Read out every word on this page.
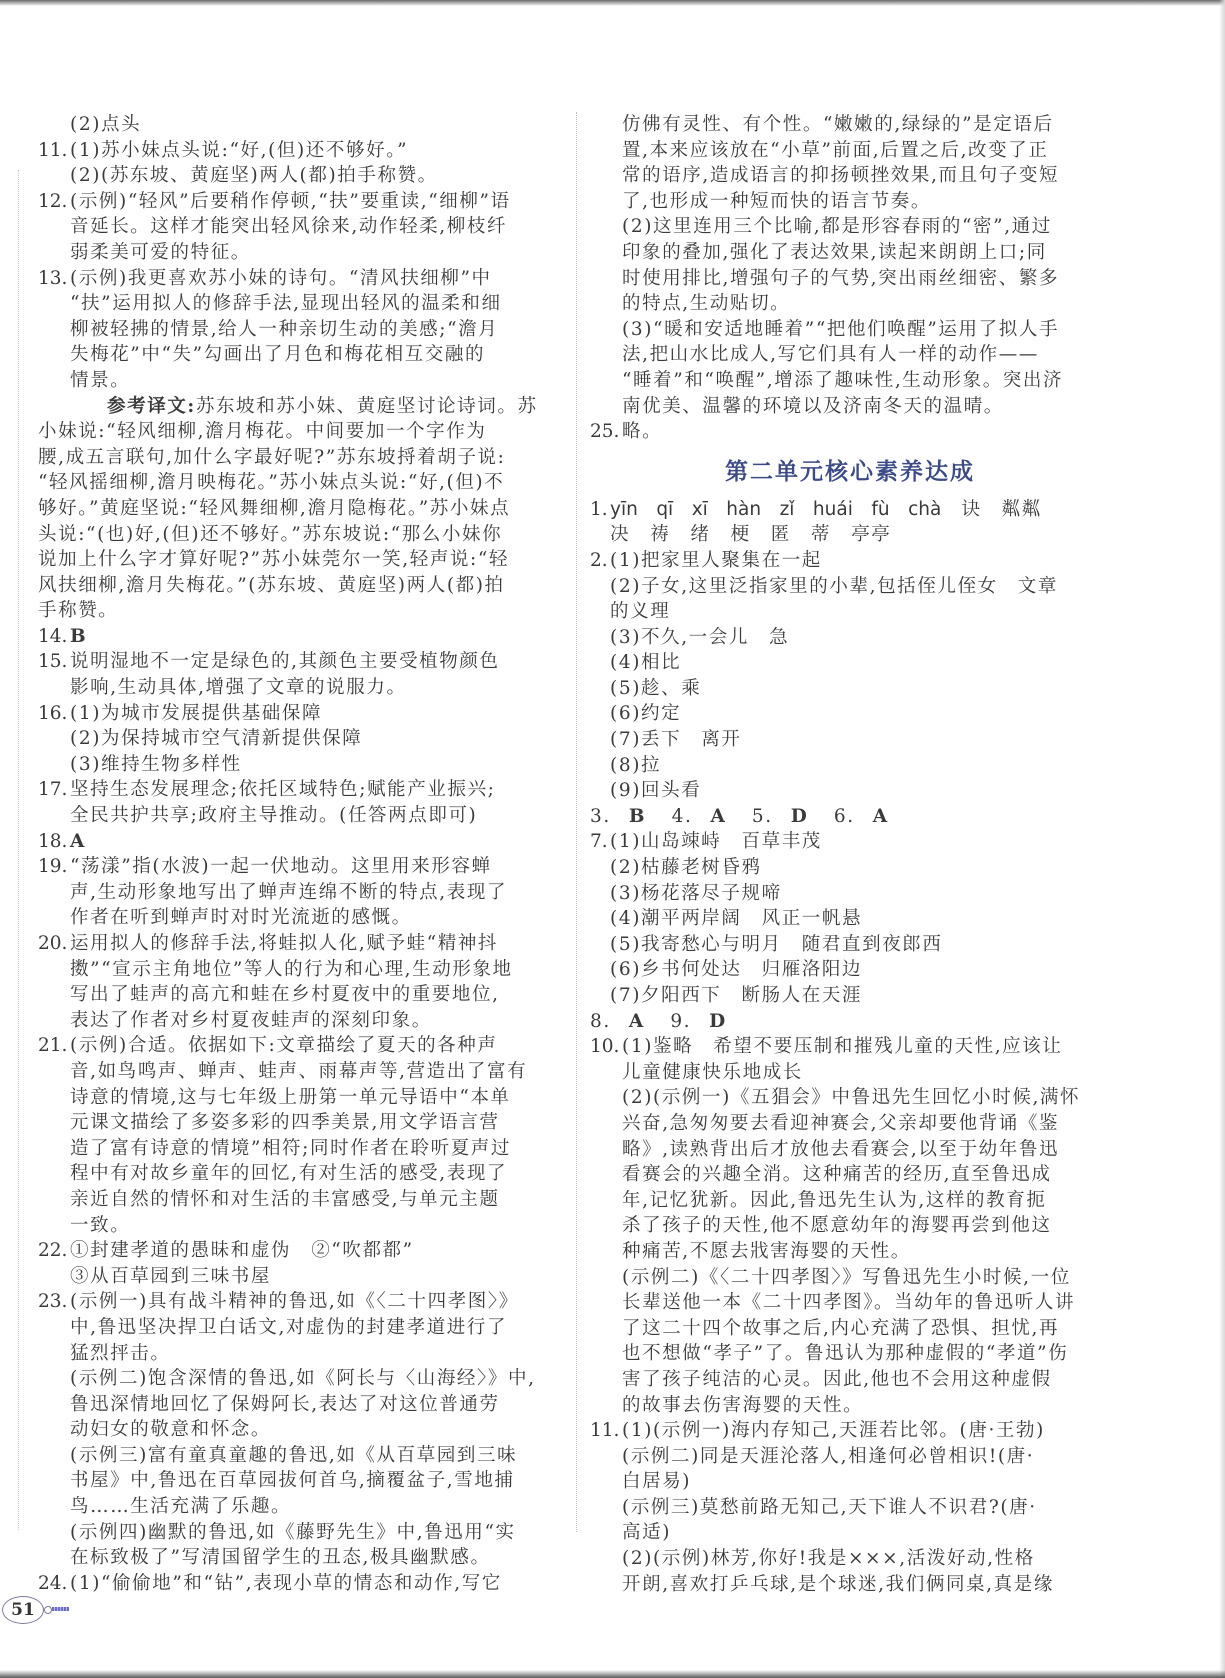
(2)点头
11. (1)苏小妹点头说:“好,(但)还不够好。”
(2)(苏东坡、黄庭坚)两人(都)拍手称赞。
12. (示例)“轻风”后要稍作停顿,“扶”要重读,“细柳”语
音延长。这样才能突出轻风徐来,动作轻柔,柳枝纤
弱柔美可爱的特征。
13. (示例)我更喜欢苏小妹的诗句。“清风扶细柳”中
“扶”运用拟人的修辞手法,显现出轻风的温柔和细
柳被轻拂的情景,给人一种亲切生动的美感;“澹月
失梅花”中“失”勾画出了月色和梅花相互交融的
情景。
参考译文:苏东坡和苏小妹、黄庭坚讨论诗词。苏
小妹说:“轻风细柳,澹月梅花。中间要加一个字作为
腰,成五言联句,加什么字最好呢?”苏东坡捋着胡子说:
“轻风摇细柳,澹月映梅花。”苏小妹点头说:“好,(但)不
够好。”黄庭坚说:“轻风舞细柳,澹月隐梅花。”苏小妹点
头说:“(也)好,(但)还不够好。”苏东坡说:“那么小妹你
说加上什么字才算好呢?”苏小妹莞尔一笑,轻声说:“轻
风扶细柳,澹月失梅花。”(苏东坡、黄庭坚)两人(都)拍
手称赞。
14. B
15. 说明湿地不一定是绿色的,其颜色主要受植物颜色
影响,生动具体,增强了文章的说服力。
16. (1)为城市发展提供基础保障
(2)为保持城市空气清新提供保障
(3)维持生物多样性
17. 坚持生态发展理念;依托区域特色;赋能产业振兴;
全民共护共享;政府主导推动。(任答两点即可)
18. A
19. “荡漾”指(水波)一起一伏地动。这里用来形容蝉
声,生动形象地写出了蝉声连绵不断的特点,表现了
作者在听到蝉声时对时光流逝的感慨。
20. 运用拟人的修辞手法,将蛙拟人化,赋予蛙“精神抖
擞”“宣示主角地位”等人的行为和心理,生动形象地
写出了蛙声的高亢和蛙在乡村夏夜中的重要地位,
表达了作者对乡村夏夜蛙声的深刻印象。
21. (示例)合适。依据如下:文章描绘了夏天的各种声
音,如鸟鸣声、蝉声、蛙声、雨幕声等,营造出了富有
诗意的情境,这与七年级上册第一单元导语中“本单
元课文描绘了多姿多彩的四季美景,用文学语言营
造了富有诗意的情境”相符;同时作者在聆听夏声过
程中有对故乡童年的回忆,有对生活的感受,表现了
亲近自然的情怀和对生活的丰富感受,与单元主题
一致。
22. ①封建孝道的愚昧和虚伪　②“吹都都”
③从百草园到三味书屋
23. (示例一)具有战斗精神的鲁迅,如《〈二十四孝图〉》
中,鲁迅坚决捍卫白话文,对虚伪的封建孝道进行了
猛烈抨击。
(示例二)饱含深情的鲁迅,如《阿长与〈山海经〉》中,
鲁迅深情地回忆了保姆阿长,表达了对这位普通劳
动妇女的敬意和怀念。
(示例三)富有童真童趣的鲁迅,如《从百草园到三味
书屋》中,鲁迅在百草园拔何首乌,摘覆盆子,雪地捕
鸟……生活充满了乐趣。
(示例四)幽默的鲁迅,如《藤野先生》中,鲁迅用“实
在标致极了”写清国留学生的丑态,极具幽默感。
24. (1)“偷偷地”和“钻”,表现小草的情态和动作,写它
仿佛有灵性、有个性。“嫩嫩的,绿绿的”是定语后
置,本来应该放在“小草”前面,后置之后,改变了正
常的语序,造成语言的抑扬顿挫效果,而且句子变短
了,也形成一种短而快的语言节奏。
(2)这里连用三个比喻,都是形容春雨的“密”,通过
印象的叠加,强化了表达效果,读起来朗朗上口;同
时使用排比,增强句子的气势,突出雨丝细密、繁多
的特点,生动贴切。
(3)“暖和安适地睡着”“把他们唤醒”运用了拟人手
法,把山水比成人,写它们具有人一样的动作——
“睡着”和“唤醒”,增添了趣味性,生动形象。突出济
南优美、温馨的环境以及济南冬天的温晴。
25. 略。
第二单元核心素养达成
1. yīn　qī　xī　hàn　zǐ　huái　fù　chà　 诀　粼粼
决　祷　绪　梗　匿　蒂　亭亭
2. (1)把家里人聚集在一起
(2)子女,这里泛指家里的小辈,包括侄儿侄女　文章
的义理
(3)不久,一会儿　急
(4)相比
(5)趁、乘
(6)约定
(7)丢下　离开
(8)拉
(9)回头看
3. B 4. A 5. D 6. A
7. (1)山岛竦峙　百草丰茂
(2)枯藤老树昏鸦
(3)杨花落尽子规啼
(4)潮平两岸阔　风正一帆悬
(5)我寄愁心与明月　随君直到夜郎西
(6)乡书何处达　归雁洛阳边
(7)夕阳西下　断肠人在天涯
8. A 9. D
10. (1)鉴略　希望不要压制和摧残儿童的天性,应该让
儿童健康快乐地成长
(2)(示例一)《五猖会》中鲁迅先生回忆小时候,满怀
兴奋,急匆匆要去看迎神赛会,父亲却要他背诵《鉴
略》,读熟背出后才放他去看赛会,以至于幼年鲁迅
看赛会的兴趣全消。这种痛苦的经历,直至鲁迅成
年,记忆犹新。因此,鲁迅先生认为,这样的教育扼
杀了孩子的天性,他不愿意幼年的海婴再尝到他这
种痛苦,不愿去戕害海婴的天性。
(示例二)《〈二十四孝图〉》写鲁迅先生小时候,一位
长辈送他一本《二十四孝图》。当幼年的鲁迅听人讲
了这二十四个故事之后,内心充满了恐惧、担忧,再
也不想做“孝子”了。鲁迅认为那种虚假的“孝道”伤
害了孩子纯洁的心灵。因此,他也不会用这种虚假
的故事去伤害海婴的天性。
11. (1)(示例一)海内存知己,天涯若比邻。(唐·王勃)
(示例二)同是天涯沦落人,相逢何必曾相识!(唐·
白居易)
(示例三)莫愁前路无知己,天下谁人不识君?(唐·
高适)
(2)(示例)林芳,你好!我是×××,活泼好动,性格
开朗,喜欢打乒乓球,是个球迷,我们俩同桌,真是缘
51
